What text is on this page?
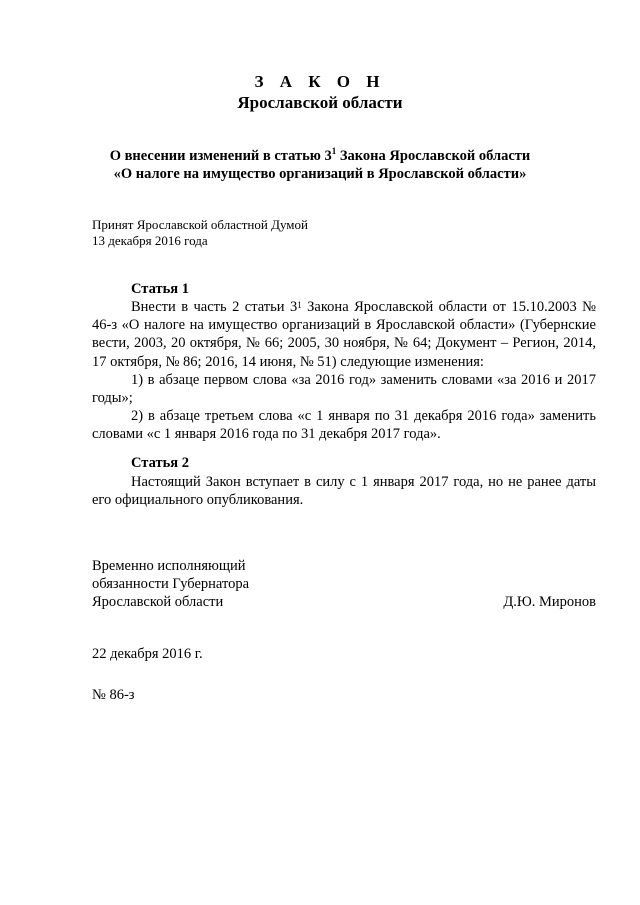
З А К О Н
Ярославской области
О внесении изменений в статью $3^1$ Закона Ярославской области
«О налоге на имущество организаций в Ярославской области»
Принят Ярославской областной Думой
13 декабря 2016 года
Статья 1

Внести в часть 2 статьи $3^1$ Закона Ярославской области от 15.10.2003 № 46-з «О налоге на имущество организаций в Ярославской области» (Губернские вести, 2003, 20 октября, № 66; 2005, 30 ноября, № 64; Документ – Регион, 2014, 17 октября, № 86; 2016, 14 июня, № 51) следующие изменения:

1) в абзаце первом слова «за 2016 год» заменить словами «за 2016 и 2017 годы»;

2) в абзаце третьем слова «с 1 января по 31 декабря 2016 года» заменить словами «с 1 января 2016 года по 31 декабря 2017 года».

Статья 2

Настоящий Закон вступает в силу с 1 января 2017 года, но не ранее даты его официального опубликования.

Временно исполняющий
обязанности Губернатора
Ярославской области	Д.Ю. Миронов
22 декабря 2016 г.
№ 86-з
